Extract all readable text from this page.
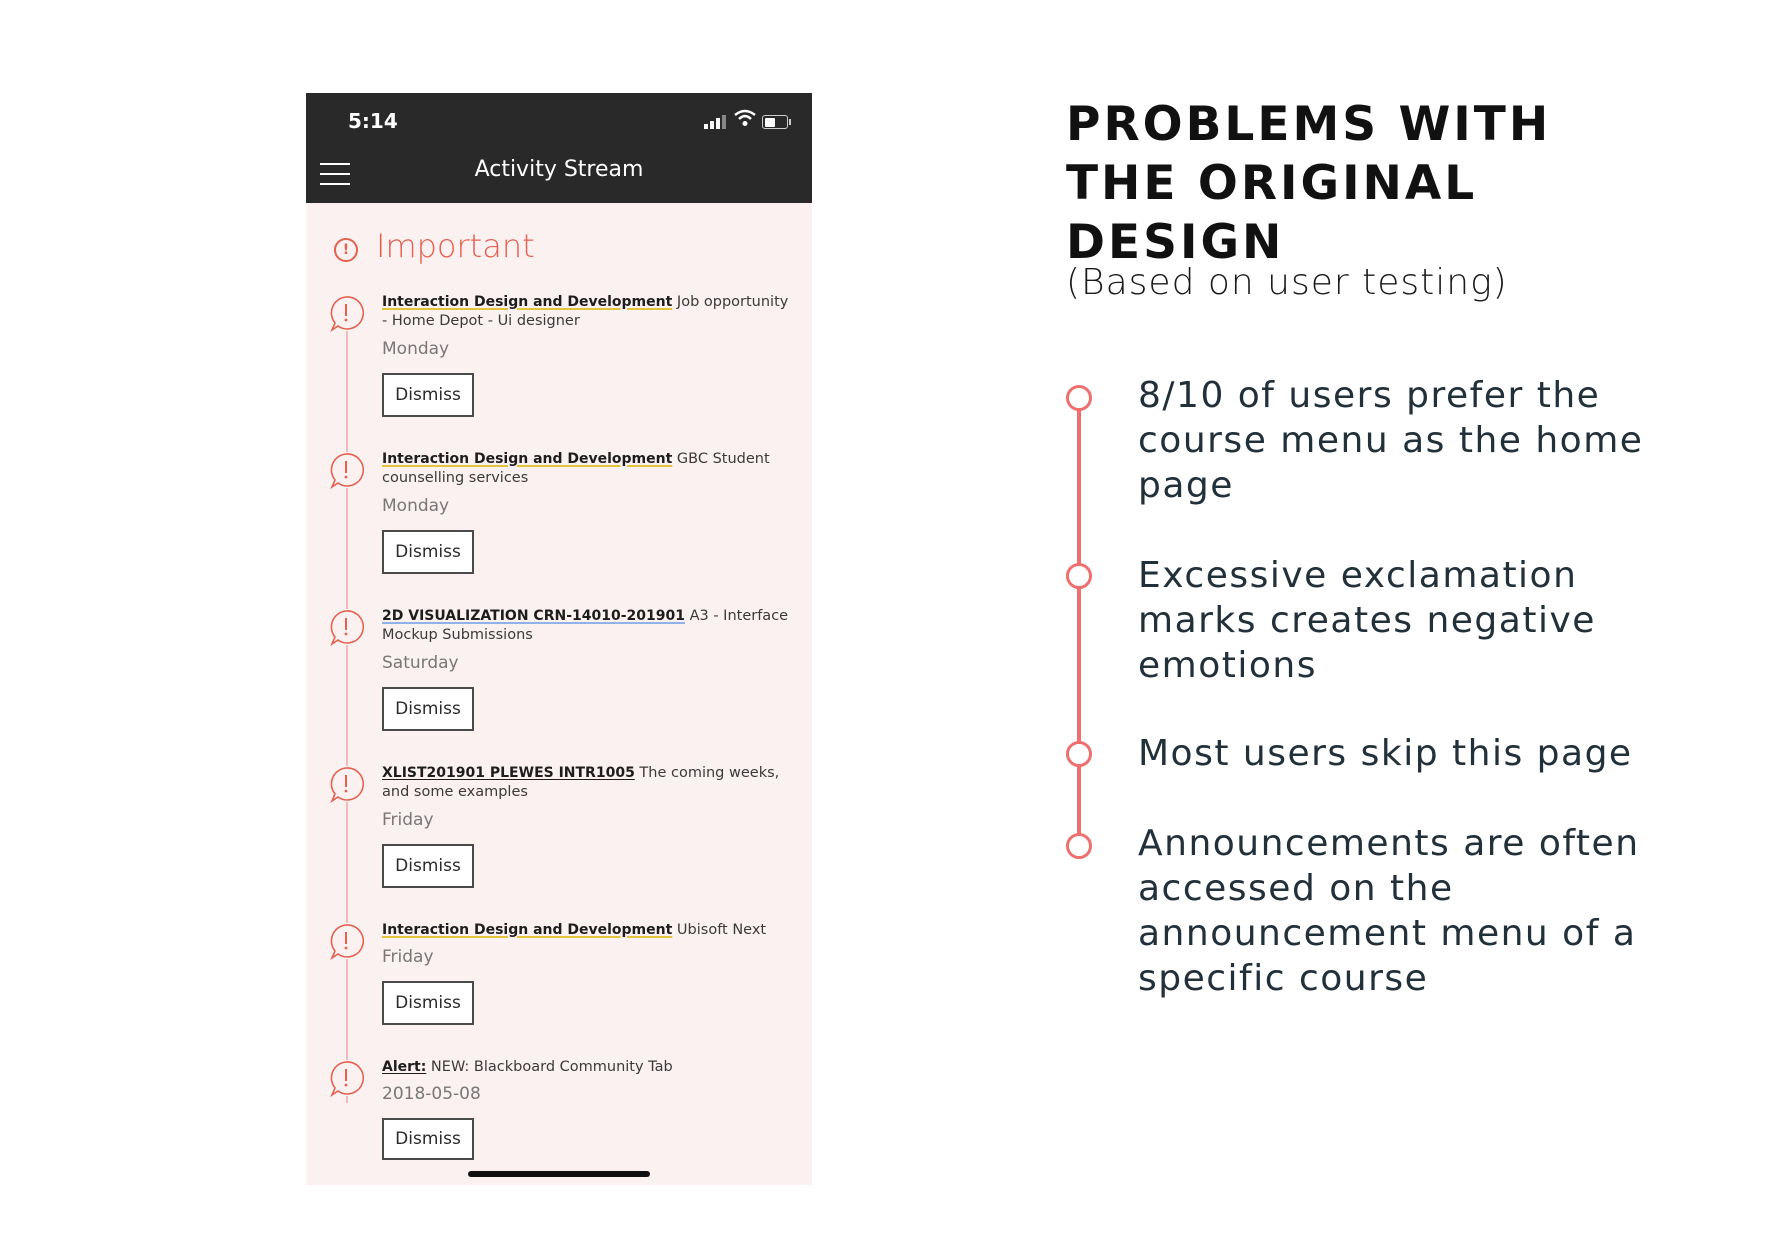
5:14
Activity Stream
! Important
Interaction Design and Development Job opportunity - Home Depot - Ui designer
Monday
Dismiss
Interaction Design and Development GBC Student counselling services
Monday
Dismiss
2D VISUALIZATION CRN-14010-201901 A3 - Interface Mockup Submissions
Saturday
Dismiss
XLIST201901 PLEWES INTR1005 The coming weeks, and some examples
Friday
Dismiss
Interaction Design and Development Ubisoft Next
Friday
Dismiss
Alert: NEW: Blackboard Community Tab
2018-05-08
Dismiss
PROBLEMS WITH
THE ORIGINAL
DESIGN
(Based on user testing)
8/10 of users prefer the course menu as the home page
Excessive exclamation marks creates negative emotions
Most users skip this page
Announcements are often accessed on the announcement menu of a specific course
